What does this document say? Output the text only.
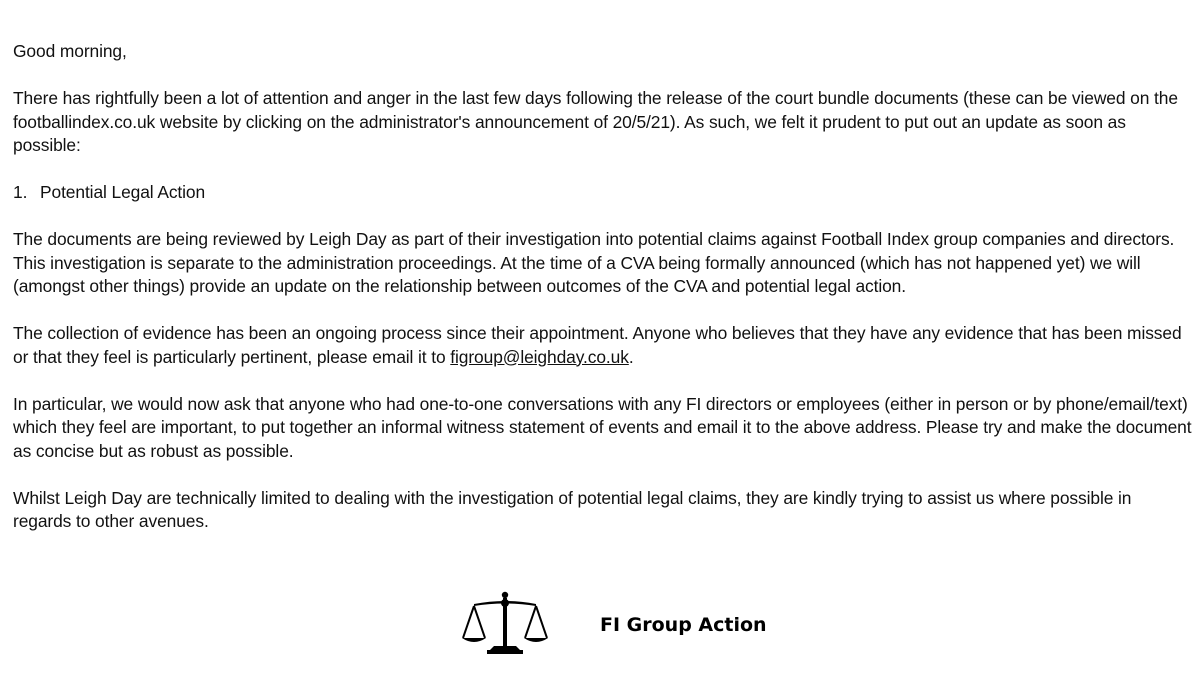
Good morning,

There has rightfully been a lot of attention and anger in the last few days following the release of the court bundle documents (these can be viewed on the footballindex.co.uk website by clicking on the administrator's announcement of 20/5/21). As such, we felt it prudent to put out an update as soon as possible:

1. Potential Legal Action

The documents are being reviewed by Leigh Day as part of their investigation into potential claims against Football Index group companies and directors. This investigation is separate to the administration proceedings. At the time of a CVA being formally announced (which has not happened yet) we will (amongst other things) provide an update on the relationship between outcomes of the CVA and potential legal action.

The collection of evidence has been an ongoing process since their appointment. Anyone who believes that they have any evidence that has been missed or that they feel is particularly pertinent, please email it to figroup@leighday.co.uk.

In particular, we would now ask that anyone who had one-to-one conversations with any FI directors or employees (either in person or by phone/email/text) which they feel are important, to put together an informal witness statement of events and email it to the above address. Please try and make the document as concise but as robust as possible.

Whilst Leigh Day are technically limited to dealing with the investigation of potential legal claims, they are kindly trying to assist us where possible in regards to other avenues.

FI Group Action
